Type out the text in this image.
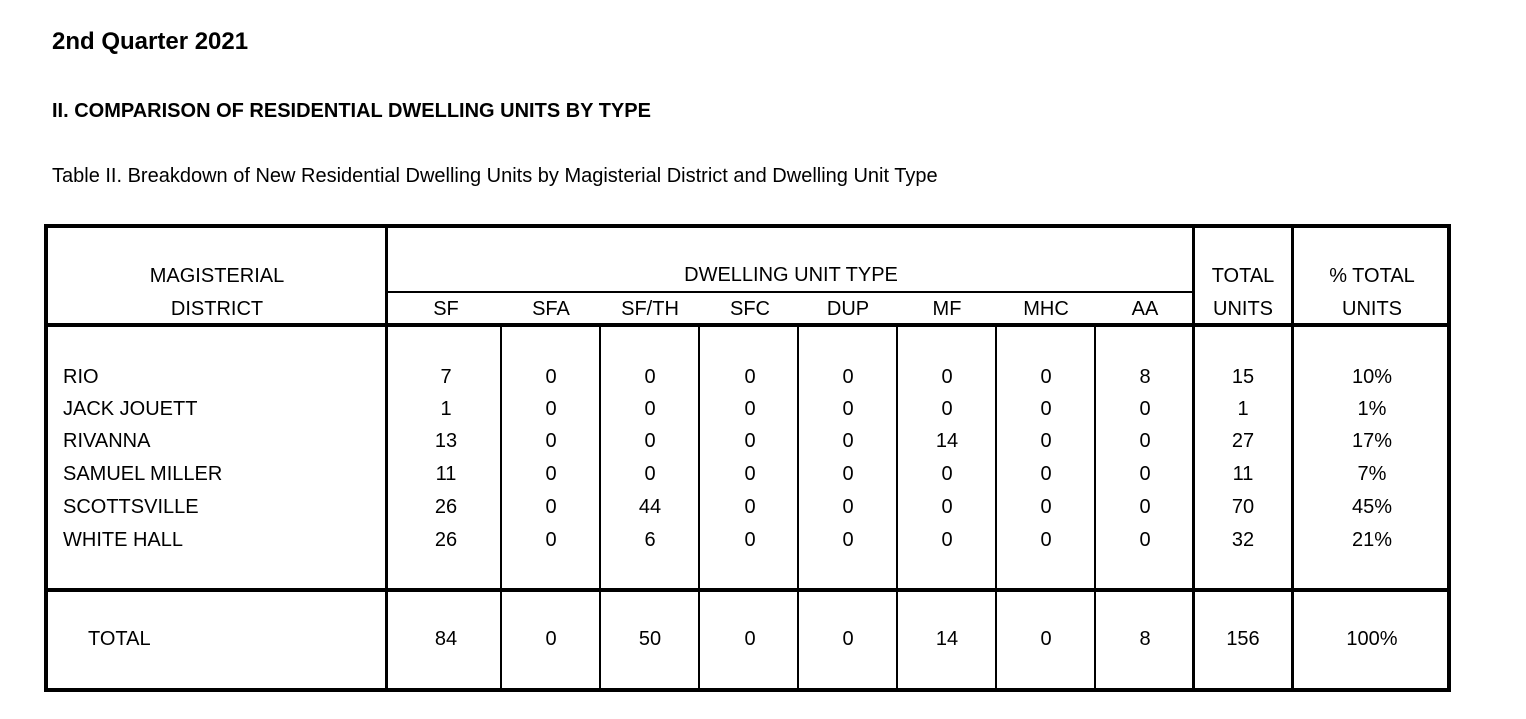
2nd Quarter 2021
II. COMPARISON OF RESIDENTIAL DWELLING UNITS BY TYPE
Table II. Breakdown of New Residential Dwelling Units by Magisterial District and Dwelling Unit Type
MAGISTERIAL
DISTRICT
DWELLING UNIT TYPE
SF	SFA	SF/TH	SFC	DUP	MF	MHC	AA
TOTAL
UNITS
% TOTAL
UNITS
RIO	7	0	0	0	0	0	0	8	15	10%
JACK JOUETT	1	0	0	0	0	0	0	0	1	1%
RIVANNA	13	0	0	0	0	14	0	0	27	17%
SAMUEL MILLER	11	0	0	0	0	0	0	0	11	7%
SCOTTSVILLE	26	0	44	0	0	0	0	0	70	45%
WHITE HALL	26	0	6	0	0	0	0	0	32	21%
TOTAL	84	0	50	0	0	14	0	8	156	100%
